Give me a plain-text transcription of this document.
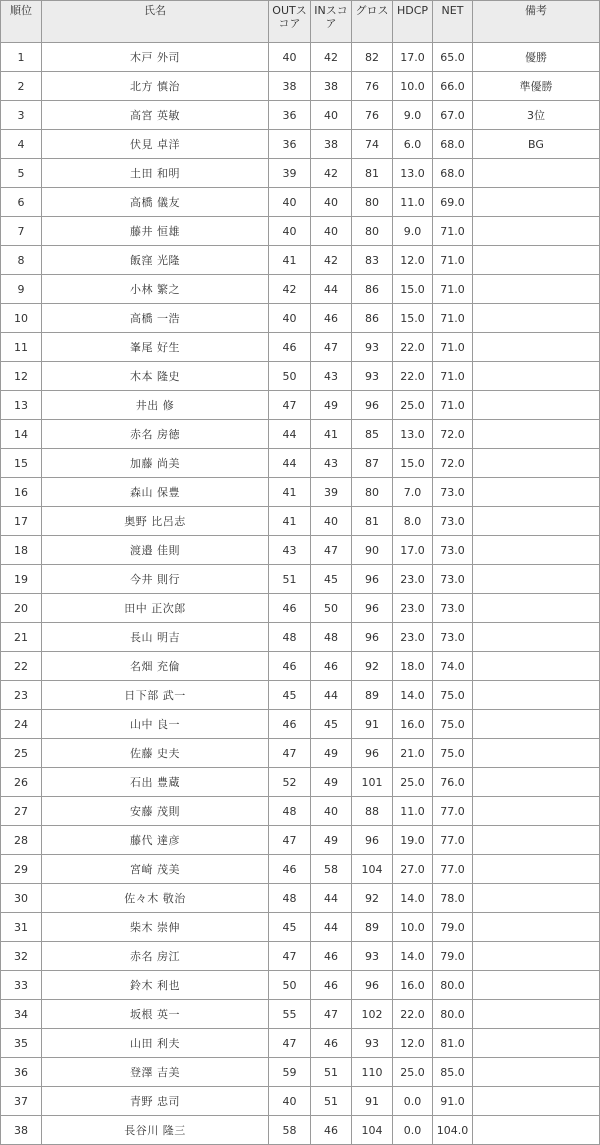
順位	氏名	OUTスコア	INスコア	グロス	HDCP	NET	備考
1	木戸 外司	40	42	82	17.0	65.0	優勝
2	北方 慎治	38	38	76	10.0	66.0	準優勝
3	高宮 英敏	36	40	76	9.0	67.0	3位
4	伏見 卓洋	36	38	74	6.0	68.0	BG
5	土田 和明	39	42	81	13.0	68.0	
6	高橋 儀友	40	40	80	11.0	69.0	
7	藤井 恒雄	40	40	80	9.0	71.0	
8	飯窪 光隆	41	42	83	12.0	71.0	
9	小林 繁之	42	44	86	15.0	71.0	
10	高橋 一浩	40	46	86	15.0	71.0	
11	峯尾 好生	46	47	93	22.0	71.0	
12	木本 隆史	50	43	93	22.0	71.0	
13	井出 修	47	49	96	25.0	71.0	
14	赤名 房徳	44	41	85	13.0	72.0	
15	加藤 尚美	44	43	87	15.0	72.0	
16	森山 保豊	41	39	80	7.0	73.0	
17	奥野 比呂志	41	40	81	8.0	73.0	
18	渡邉 佳則	43	47	90	17.0	73.0	
19	今井 則行	51	45	96	23.0	73.0	
20	田中 正次郎	46	50	96	23.0	73.0	
21	長山 明吉	48	48	96	23.0	73.0	
22	名畑 充倫	46	46	92	18.0	74.0	
23	日下部 武一	45	44	89	14.0	75.0	
24	山中 良一	46	45	91	16.0	75.0	
25	佐藤 史夫	47	49	96	21.0	75.0	
26	石出 豊蔵	52	49	101	25.0	76.0	
27	安藤 茂則	48	40	88	11.0	77.0	
28	藤代 達彦	47	49	96	19.0	77.0	
29	宮崎 茂美	46	58	104	27.0	77.0	
30	佐々木 敬治	48	44	92	14.0	78.0	
31	柴木 崇伸	45	44	89	10.0	79.0	
32	赤名 房江	47	46	93	14.0	79.0	
33	鈴木 利也	50	46	96	16.0	80.0	
34	坂根 英一	55	47	102	22.0	80.0	
35	山田 利夫	47	46	93	12.0	81.0	
36	登澤 吉美	59	51	110	25.0	85.0	
37	青野 忠司	40	51	91	0.0	91.0	
38	長谷川 隆三	58	46	104	0.0	104.0	
